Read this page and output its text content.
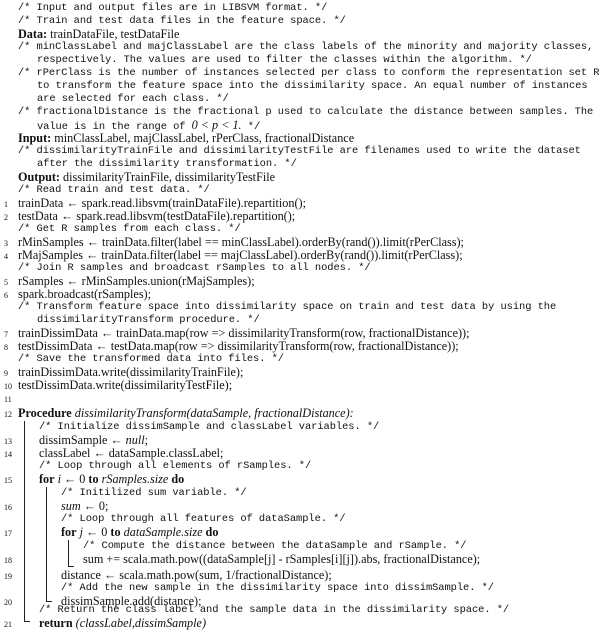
/* Input and output files are in LIBSVM format. */
/* Train and test data files in the feature space. */
Data: trainDataFile, testDataFile
/* minClassLabel and majClassLabel are the class labels of the minority and majority classes,
respectively. The values are used to filter the classes within the algorithm. */
/* rPerClass is the number of instances selected per class to conform the representation set R
to transform the feature space into the dissimilarity space. An equal number of instances
are selected for each class. */
/* fractionalDistance is the fractional p used to calculate the distance between samples. The
value is in the range of 0 < p < 1. */
Input: minClassLabel, majClassLabel, rPerClass, fractionalDistance
/* dissimilarityTrainFile and dissimilarityTestFile are filenames used to write the dataset
after the dissimilarity transformation. */
Output: dissimilarityTrainFile, dissimilarityTestFile
/* Read train and test data. */
1 trainData ← spark.read.libsvm(trainDataFile).repartition();
2 testData ← spark.read.libsvm(testDataFile).repartition();
/* Get R samples from each class. */
3 rMinSamples ← trainData.filter(label == minClassLabel).orderBy(rand()).limit(rPerClass);
4 rMajSamples ← trainData.filter(label == majClassLabel).orderBy(rand()).limit(rPerClass);
/* Join R samples and broadcast rSamples to all nodes. */
5 rSamples ← rMinSamples.union(rMajSamples);
6 spark.broadcast(rSamples);
/* Transform feature space into dissimilarity space on train and test data by using the
dissimilarityTransform procedure. */
7 trainDissimData ← trainData.map(row => dissimilarityTransform(row, fractionalDistance));
8 testDissimData ← testData.map(row => dissimilarityTransform(row, fractionalDistance));
/* Save the transformed data into files. */
9 trainDissimData.write(dissimilarityTrainFile);
10 testDissimData.write(dissimilarityTestFile);
11
12 Procedure dissimilarityTransform(dataSample, fractionalDistance):
/* Initialize dissimSample and classLabel variables. */
13	dissimSample ← null;
14	classLabel ← dataSample.classLabel;
/* Loop through all elements of rSamples. */
15	for i ← 0 to rSamples.size do
/* Initilized sum variable. */
16	sum ← 0;
/* Loop through all features of dataSample. */
17	for j ← 0 to dataSample.size do
/* Compute the distance between the dataSample and rSample. */
18	sum += scala.math.pow((dataSample[j] - rSamples[i][j]).abs, fractionalDistance);
19	distance ← scala.math.pow(sum, 1/fractionalDistance);
/* Add the new sample in the dissimilarity space into dissimSample. */
20	dissimSample.add(distance);
/* Return the class label and the sample data in the dissimilarity space. */
21	return (classLabel,dissimSample)
